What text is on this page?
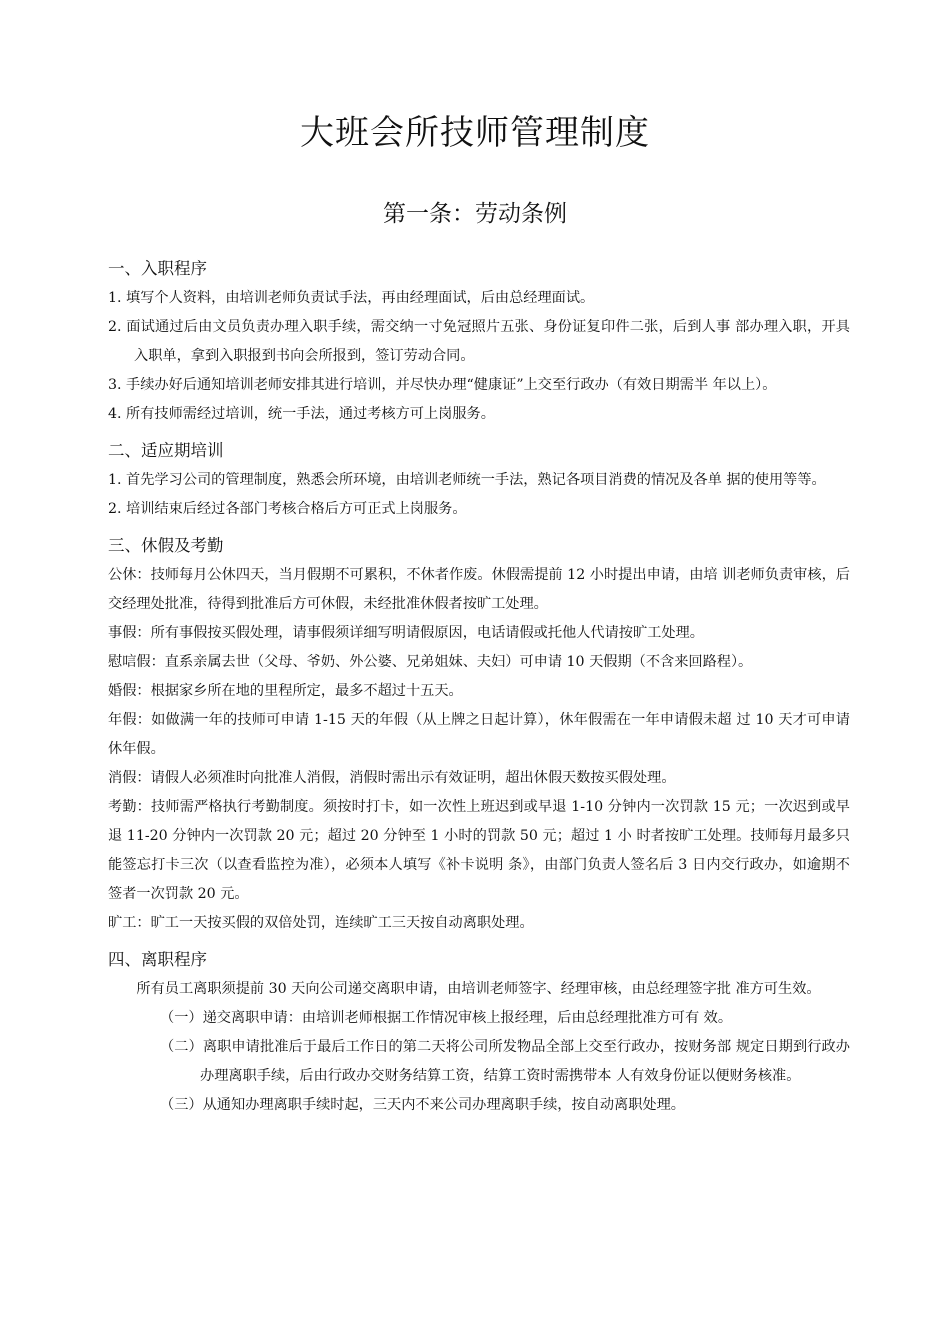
大班会所技师管理制度
第一条：劳动条例
一、入职程序
1. 填写个人资料，由培训老师负责试手法，再由经理面试，后由总经理面试。
2. 面试通过后由文员负责办理入职手续，需交纳一寸免冠照片五张、身份证复印件二张，后到人事 部办理入职，开具入职单，拿到入职报到书向会所报到，签订劳动合同。
3. 手续办好后通知培训老师安排其进行培训，并尽快办理“健康证”上交至行政办（有效日期需半 年以上）。
4. 所有技师需经过培训，统一手法，通过考核方可上岗服务。
二、适应期培训
1. 首先学习公司的管理制度，熟悉会所环境，由培训老师统一手法，熟记各项目消费的情况及各单 据的使用等等。
2. 培训结束后经过各部门考核合格后方可正式上岗服务。
三、休假及考勤
公休：技师每月公休四天，当月假期不可累积，不休者作废。休假需提前 12 小时提出申请，由培 训老师负责审核，后交经理处批准，待得到批准后方可休假，未经批准休假者按旷工处理。
事假：所有事假按买假处理，请事假须详细写明请假原因，电话请假或托他人代请按旷工处理。
慰唁假：直系亲属去世（父母、爷奶、外公婆、兄弟姐妹、夫妇）可申请 10 天假期（不含来回路程）。
婚假：根据家乡所在地的里程所定，最多不超过十五天。
年假：如做满一年的技师可申请 1-15 天的年假（从上牌之日起计算），休年假需在一年申请假未超 过 10 天才可申请休年假。
消假：请假人必须准时向批准人消假，消假时需出示有效证明，超出休假天数按买假处理。
考勤：技师需严格执行考勤制度。须按时打卡，如一次性上班迟到或早退 1-10 分钟内一次罚款 15 元；一次迟到或早退 11-20 分钟内一次罚款 20 元；超过 20 分钟至 1 小时的罚款 50 元；超过 1 小 时者按旷工处理。技师每月最多只能签忘打卡三次（以查看监控为准），必须本人填写《补卡说明 条》，由部门负责人签名后 3 日内交行政办，如逾期不签者一次罚款 20 元。
旷工：旷工一天按买假的双倍处罚，连续旷工三天按自动离职处理。
四、离职程序
所有员工离职须提前 30 天向公司递交离职申请，由培训老师签字、经理审核，由总经理签字批 准方可生效。
（一）递交离职申请：由培训老师根据工作情况审核上报经理，后由总经理批准方可有 效。
（二）离职申请批准后于最后工作日的第二天将公司所发物品全部上交至行政办，按财务部 规定日期到行政办办理离职手续，后由行政办交财务结算工资，结算工资时需携带本 人有效身份证以便财务核准。
（三）从通知办理离职手续时起，三天内不来公司办理离职手续，按自动离职处理。
